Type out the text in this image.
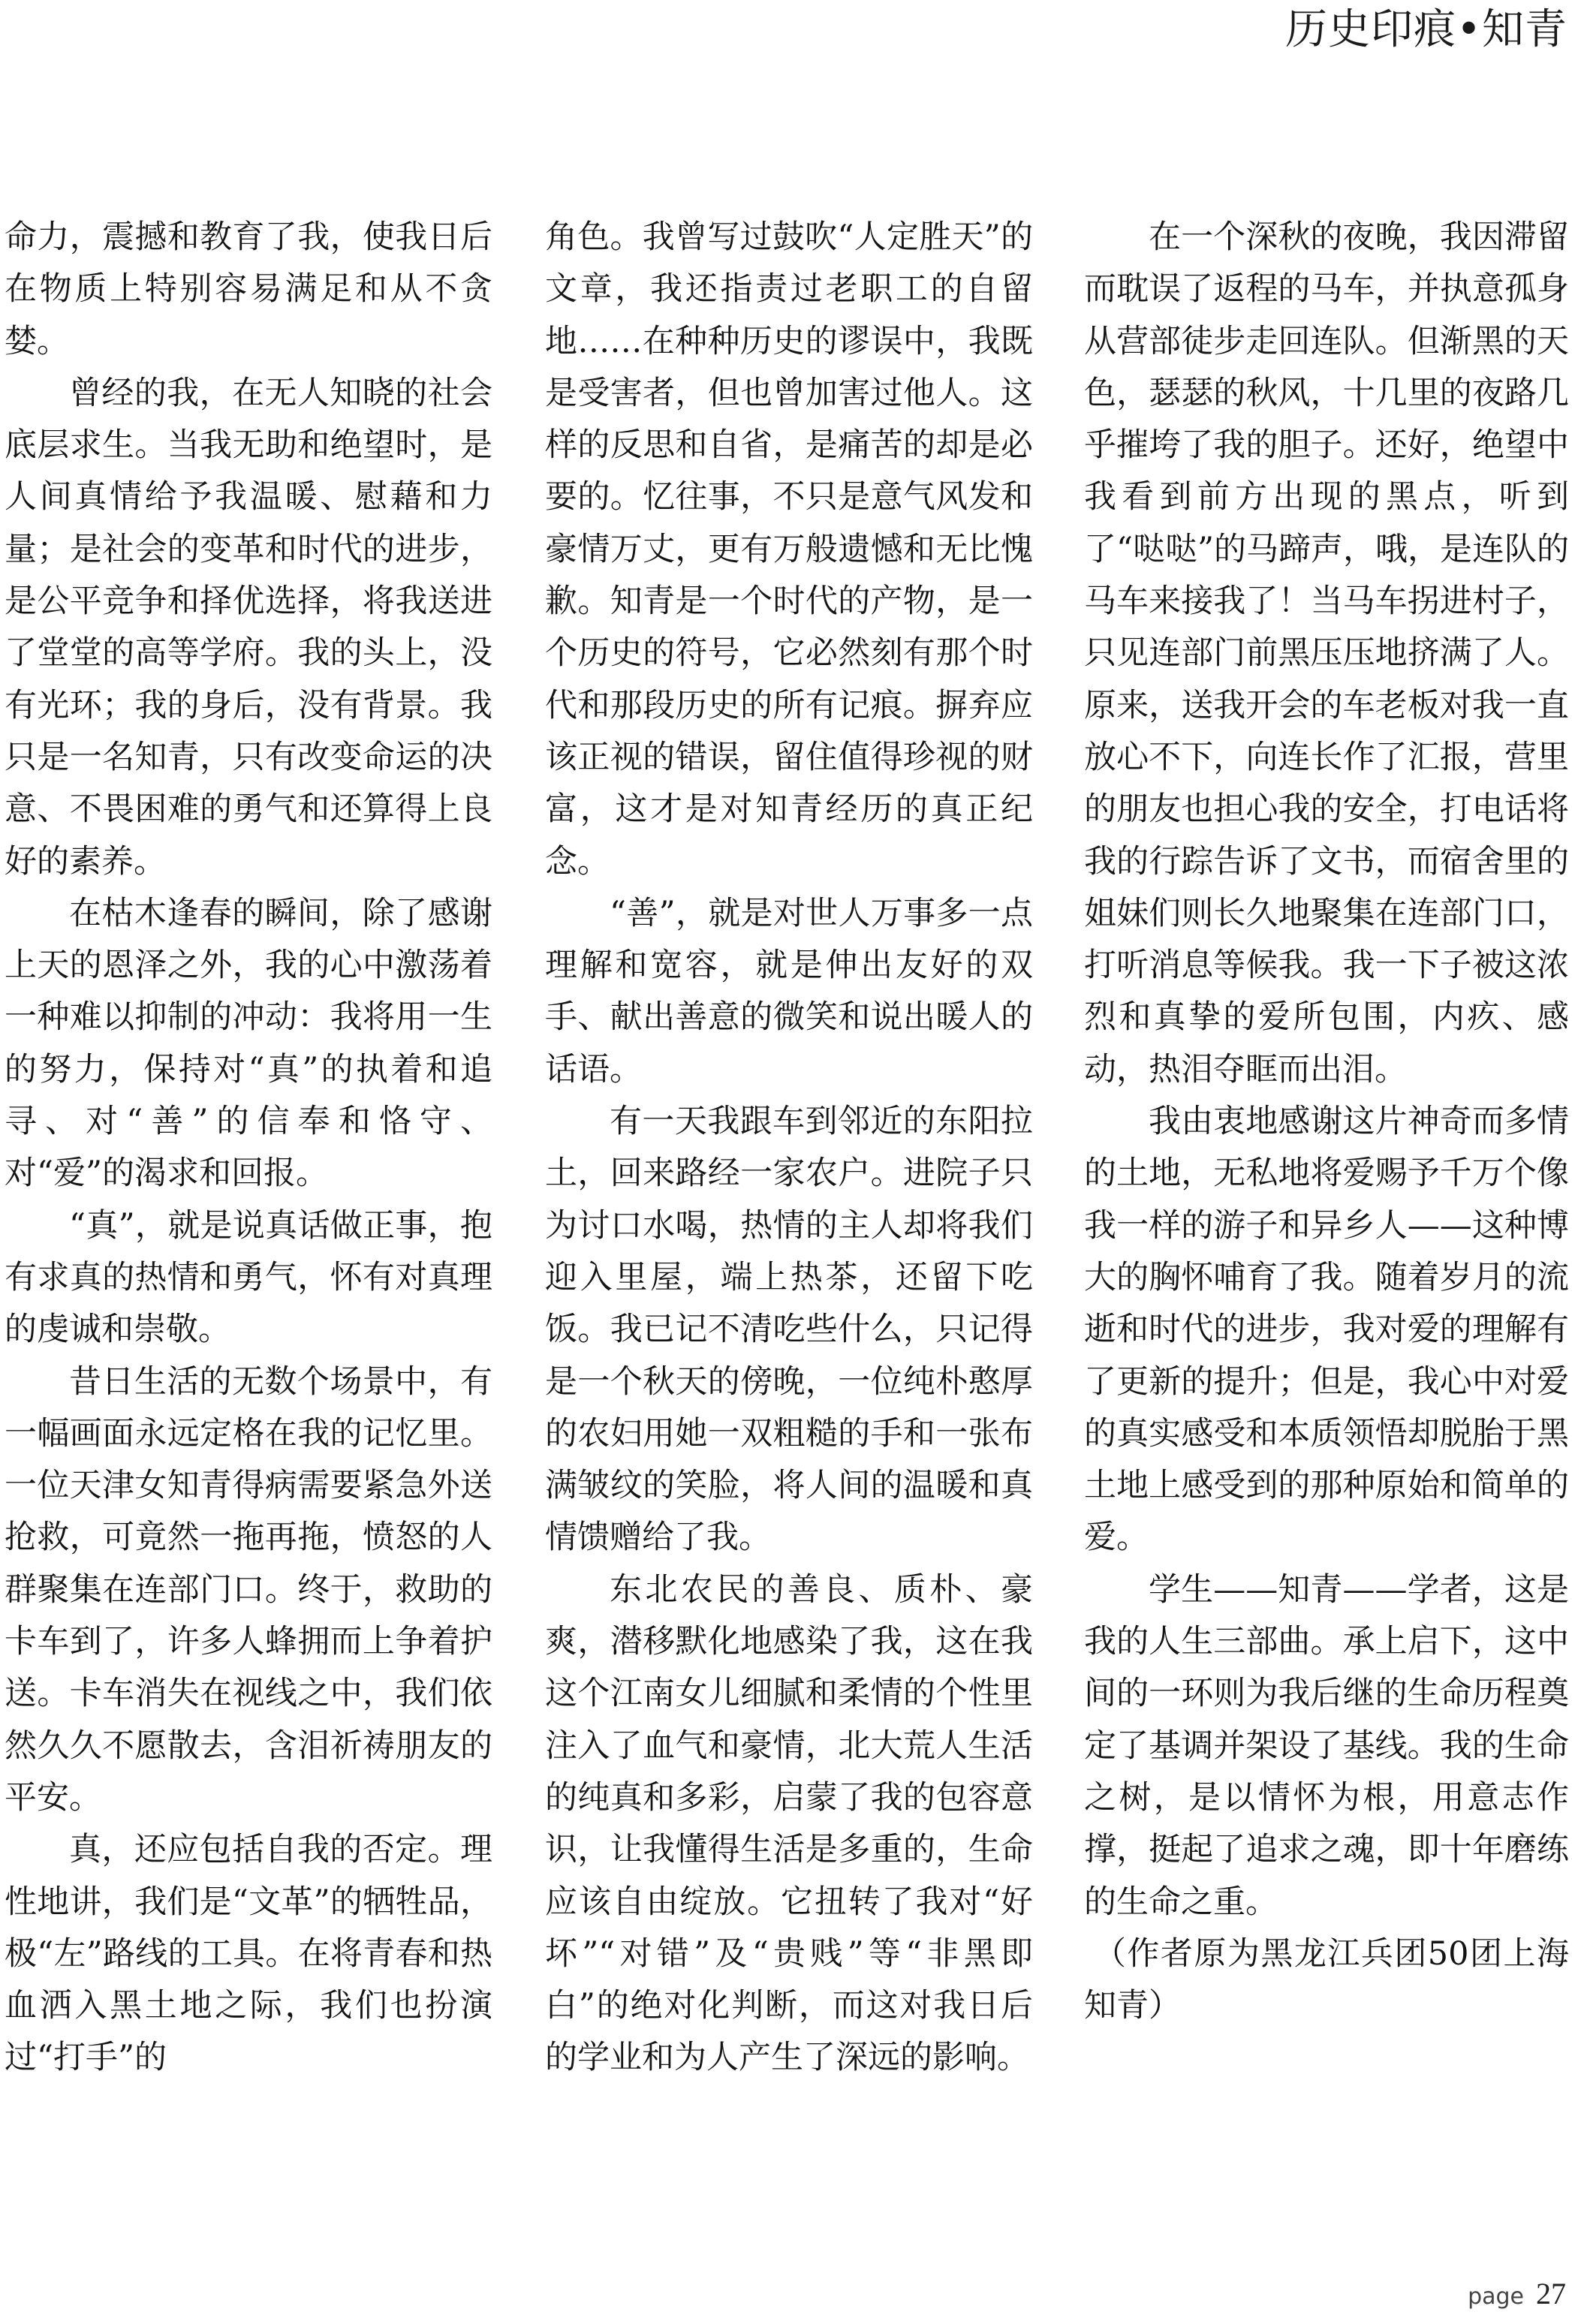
历史印痕•知青

命力，震撼和教育了我，使我日后在物质上特别容易满足和从不贪婪。

曾经的我，在无人知晓的社会底层求生。当我无助和绝望时，是人间真情给予我温暖、慰藉和力量；是社会的变革和时代的进步，是公平竞争和择优选择，将我送进了堂堂的高等学府。我的头上，没有光环；我的身后，没有背景。我只是一名知青，只有改变命运的决意、不畏困难的勇气和还算得上良好的素养。

在枯木逢春的瞬间，除了感谢上天的恩泽之外，我的心中激荡着一种难以抑制的冲动：我将用一生的努力，保持对“真”的执着和追寻、对“善”的信奉和恪守、对“爱”的渴求和回报。

“真”，就是说真话做正事，抱有求真的热情和勇气，怀有对真理的虔诚和崇敬。

昔日生活的无数个场景中，有一幅画面永远定格在我的记忆里。一位天津女知青得病需要紧急外送抢救，可竟然一拖再拖，愤怒的人群聚集在连部门口。终于，救助的卡车到了，许多人蜂拥而上争着护送。卡车消失在视线之中，我们依然久久不愿散去，含泪祈祷朋友的平安。

真，还应包括自我的否定。理性地讲，我们是“文革”的牺牲品，极“左”路线的工具。在将青春和热血洒入黑土地之际，我们也扮演过“打手”的

角色。我曾写过鼓吹“人定胜天”的文章，我还指责过老职工的自留地……在种种历史的谬误中，我既是受害者，但也曾加害过他人。这样的反思和自省，是痛苦的却是必要的。忆往事，不只是意气风发和豪情万丈，更有万般遗憾和无比愧歉。知青是一个时代的产物，是一个历史的符号，它必然刻有那个时代和那段历史的所有记痕。摒弃应该正视的错误，留住值得珍视的财富，这才是对知青经历的真正纪念。

“善”，就是对世人万事多一点理解和宽容，就是伸出友好的双手、献出善意的微笑和说出暖人的话语。

有一天我跟车到邻近的东阳拉土，回来路经一家农户。进院子只为讨口水喝，热情的主人却将我们迎入里屋，端上热茶，还留下吃饭。我已记不清吃些什么，只记得是一个秋天的傍晚，一位纯朴憨厚的农妇用她一双粗糙的手和一张布满皱纹的笑脸，将人间的温暖和真情馈赠给了我。

东北农民的善良、质朴、豪爽，潜移默化地感染了我，这在我这个江南女儿细腻和柔情的个性里注入了血气和豪情，北大荒人生活的纯真和多彩，启蒙了我的包容意识，让我懂得生活是多重的，生命应该自由绽放。它扭转了我对“好坏”“对错”及“贵贱”等“非黑即白”的绝对化判断，而这对我日后的学业和为人产生了深远的影响。

在一个深秋的夜晚，我因滞留而耽误了返程的马车，并执意孤身从营部徒步走回连队。但渐黑的天色，瑟瑟的秋风，十几里的夜路几乎摧垮了我的胆子。还好，绝望中我看到前方出现的黑点，听到了“哒哒”的马蹄声，哦，是连队的马车来接我了！当马车拐进村子，只见连部门前黑压压地挤满了人。原来，送我开会的车老板对我一直放心不下，向连长作了汇报，营里的朋友也担心我的安全，打电话将我的行踪告诉了文书，而宿舍里的姐妹们则长久地聚集在连部门口，打听消息等候我。我一下子被这浓烈和真挚的爱所包围，内疚、感动，热泪夺眶而出泪。

我由衷地感谢这片神奇而多情的土地，无私地将爱赐予千万个像我一样的游子和异乡人——这种博大的胸怀哺育了我。随着岁月的流逝和时代的进步，我对爱的理解有了更新的提升；但是，我心中对爱的真实感受和本质领悟却脱胎于黑土地上感受到的那种原始和简单的爱。

学生——知青——学者，这是我的人生三部曲。承上启下，这中间的一环则为我后继的生命历程奠定了基调并架设了基线。我的生命之树，是以情怀为根，用意志作撑，挺起了追求之魂，即十年磨练的生命之重。

（作者原为黑龙江兵团50团上海知青）

page 27
